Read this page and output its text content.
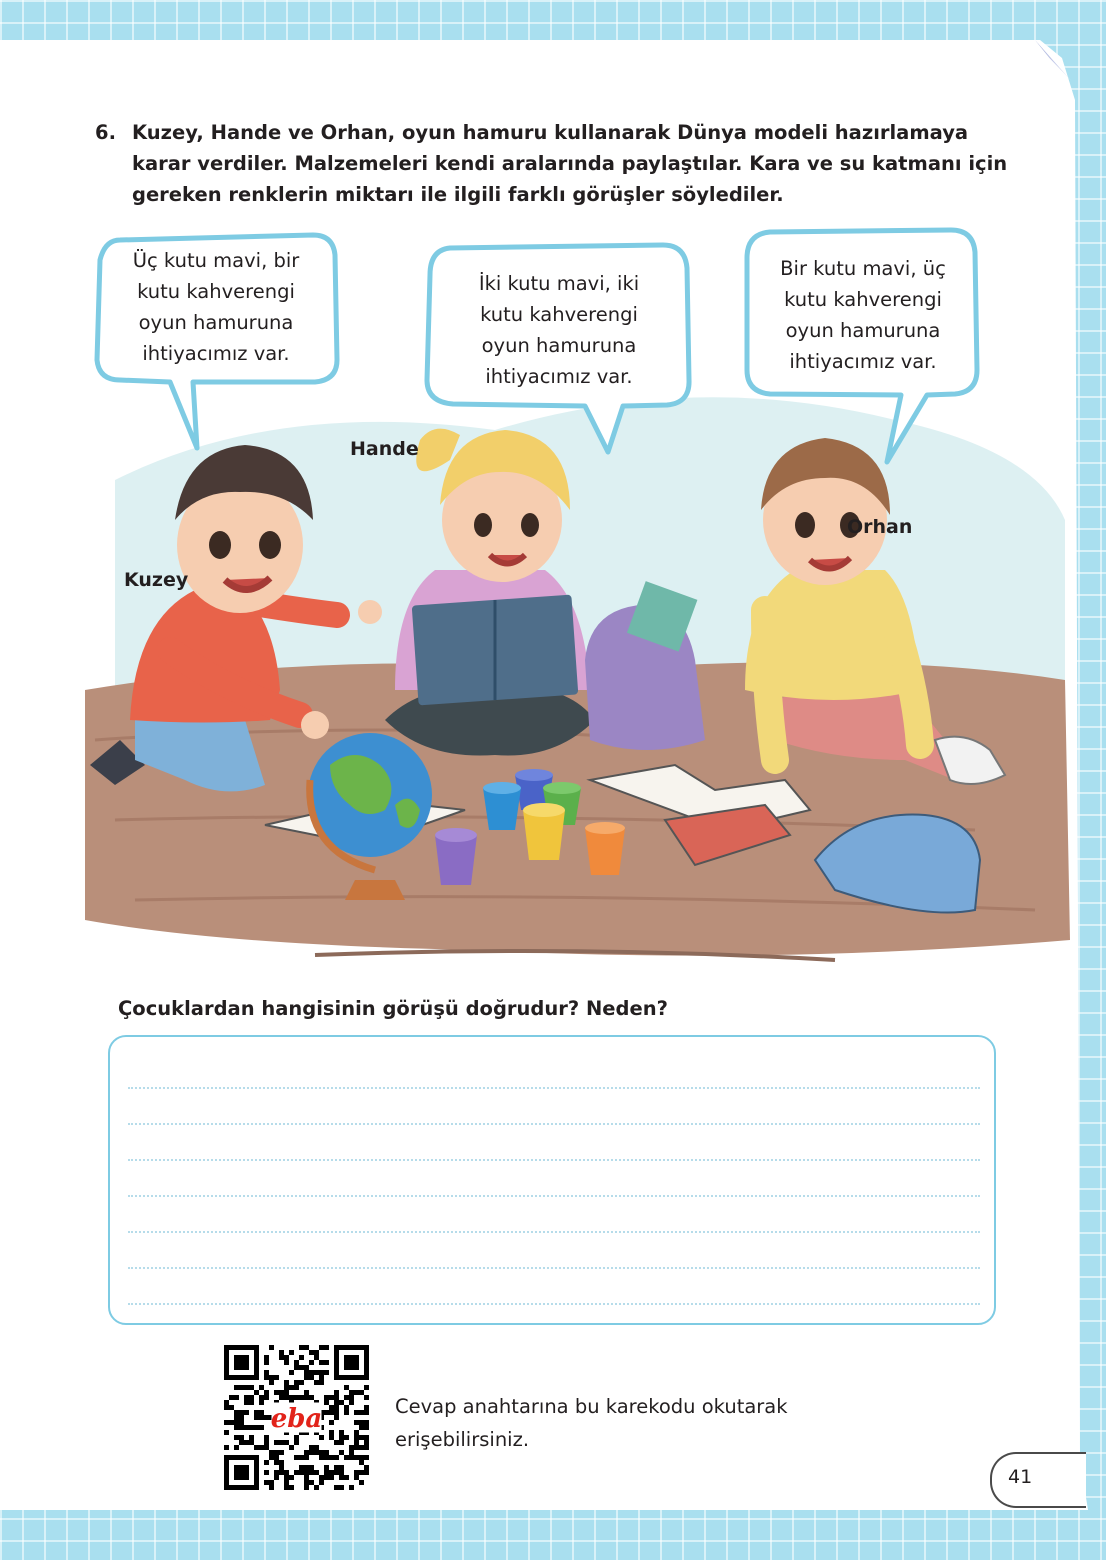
6. Kuzey, Hande ve Orhan, oyun hamuru kullanarak Dünya modeli hazırlamaya karar verdiler. Malzemeleri kendi aralarında paylaştılar. Kara ve su katmanı için gereken renklerin miktarı ile ilgili farklı görüşler söylediler.
Üç kutu mavi, bir
kutu kahverengi
oyun hamuruna
ihtiyacımız var.
İki kutu mavi, iki
kutu kahverengi
oyun hamuruna
ihtiyacımız var.
Bir kutu mavi, üç
kutu kahverengi
oyun hamuruna
ihtiyacımız var.
Hande
Orhan
Kuzey
Çocuklardan hangisinin görüşü doğrudur? Neden?
eba	Cevap anahtarına bu karekodu okutarak
erişebilirsiniz.
41
